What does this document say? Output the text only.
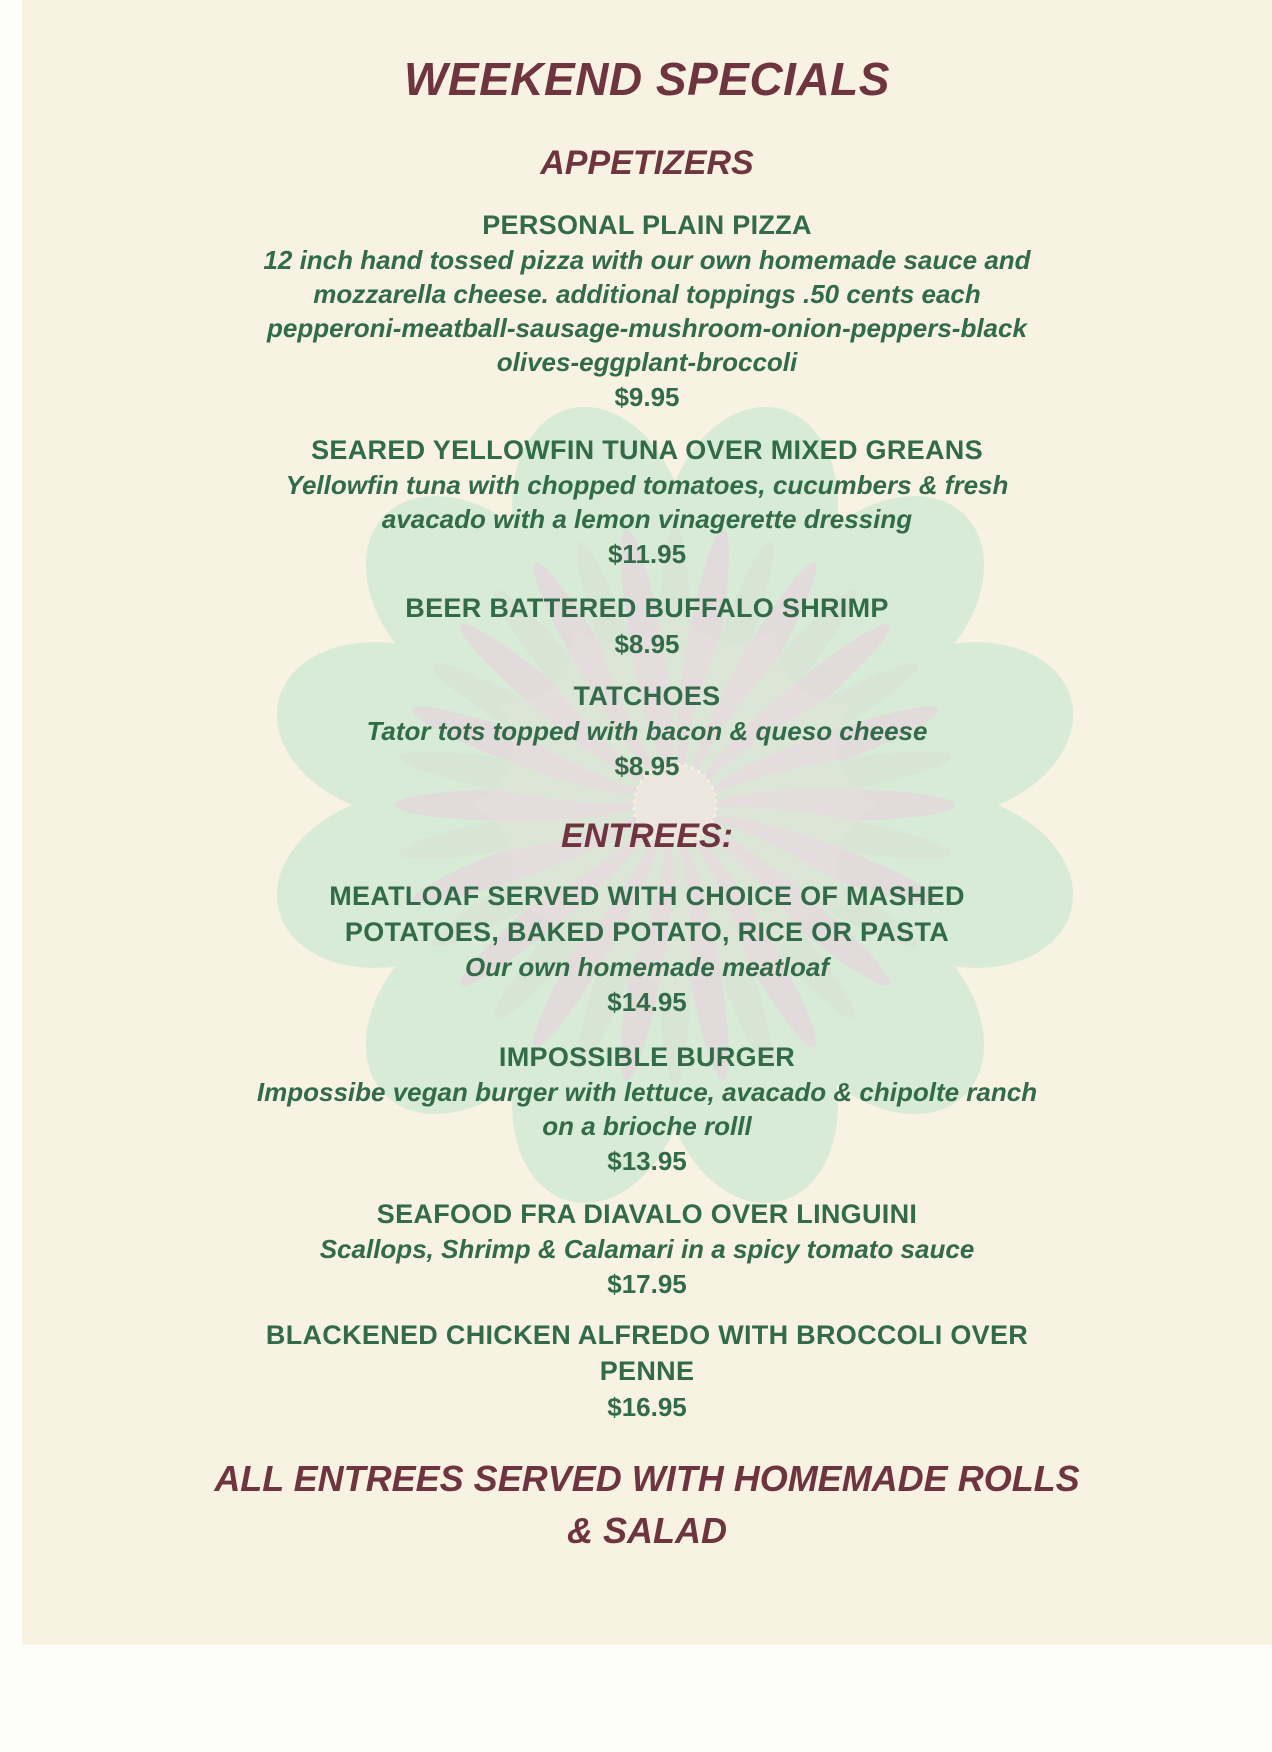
WEEKEND SPECIALS
APPETIZERS
PERSONAL PLAIN PIZZA
12 inch hand tossed pizza with our own homemade sauce and
mozzarella cheese. additional toppings .50 cents each
pepperoni-meatball-sausage-mushroom-onion-peppers-black
olives-eggplant-broccoli
$9.95
SEARED YELLOWFIN TUNA OVER MIXED GREANS
Yellowfin tuna with chopped tomatoes, cucumbers & fresh
avacado with a lemon vinagerette dressing
$11.95
BEER BATTERED BUFFALO SHRIMP
$8.95
TATCHOES
Tator tots topped with bacon & queso cheese
$8.95
ENTREES:
MEATLOAF SERVED WITH CHOICE OF MASHED
POTATOES, BAKED POTATO, RICE OR PASTA
Our own homemade meatloaf
$14.95
IMPOSSIBLE BURGER
Impossibe vegan burger with lettuce, avacado & chipolte ranch
on a brioche rolll
$13.95
SEAFOOD FRA DIAVALO OVER LINGUINI
Scallops, Shrimp & Calamari in a spicy tomato sauce
$17.95
BLACKENED CHICKEN ALFREDO WITH BROCCOLI OVER
PENNE
$16.95
ALL ENTREES SERVED WITH HOMEMADE ROLLS
& SALAD
